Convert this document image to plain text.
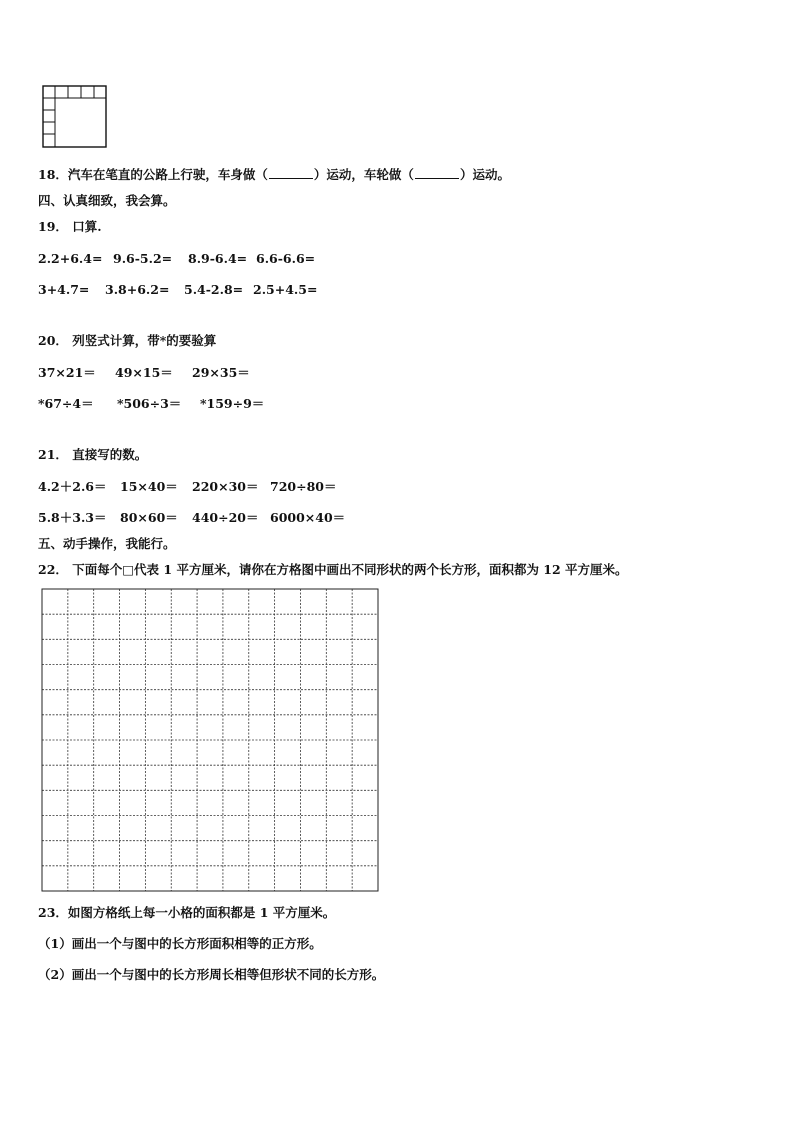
18．汽车在笔直的公路上行驶，车身做（	）运动，车轮做（	）运动。
四、认真细致，我会算。
19． 口算.
2.2+6.4= 9.6-5.2= 8.9-6.4= 6.6-6.6=
3+4.7= 3.8+6.2= 5.4-2.8= 2.5+4.5=
20． 列竖式计算，带*的要验算
37×21＝ 49×15＝ 29×35＝
*67÷4＝ *506÷3＝ *159÷9＝
21． 直接写的数。
4.2＋2.6＝ 15×40＝ 220×30＝ 720÷80＝
5.8＋3.3＝ 80×60＝ 440÷20＝ 6000×40＝
五、动手操作，我能行。
22． 下面每个□代表 1 平方厘米，请你在方格图中画出不同形状的两个长方形，面积都为 12 平方厘米。
23．如图方格纸上每一小格的面积都是 1 平方厘米。
（1）画出一个与图中的长方形面积相等的正方形。
（2）画出一个与图中的长方形周长相等但形状不同的长方形。
